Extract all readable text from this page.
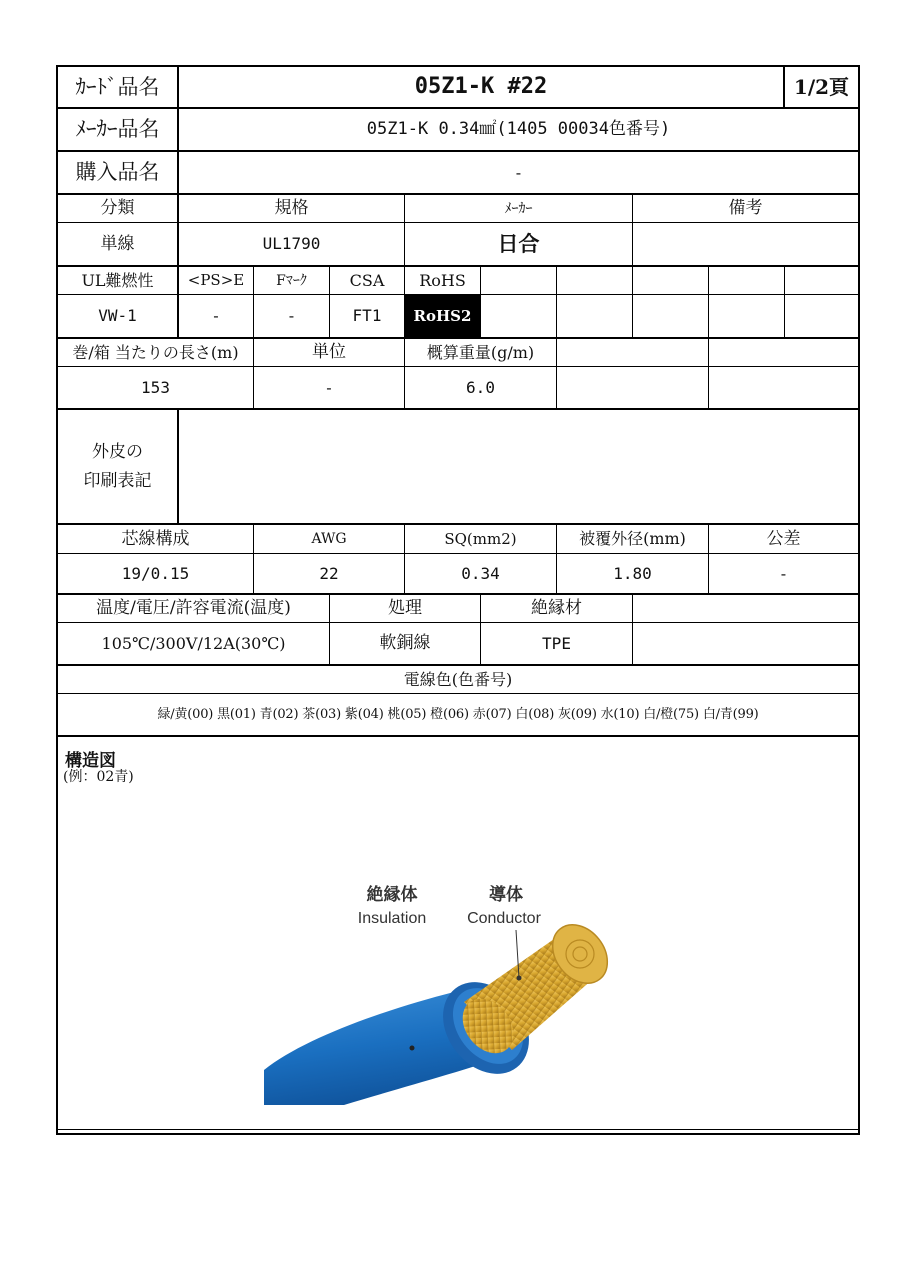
ｶｰﾄﾞ品名	05Z1-K #22	1/2頁
ﾒｰｶｰ品名	05Z1-K 0.34㎟(1405 00034色番号)
購入品名	-
分類	規格	ﾒｰｶｰ	備考
単線	UL1790	日合
UL難燃性	<PS>E	Fﾏｰｸ	CSA	RoHS
VW-1	-	-	FT1	RoHS2
巻/箱 当たりの長さ(m)	単位	概算重量(g/m)
153	-	6.0
外皮の
印刷表記
芯線構成	AWG	SQ(mm2)	被覆外径(mm)	公差
19/0.15	22	0.34	1.80	-
温度/電圧/許容電流(温度)	処理	絶縁材
105℃/300V/12A(30℃)	軟銅線	TPE
電線色(色番号)
緑/黄(00) 黒(01) 青(02) 茶(03) 紫(04) 桃(05) 橙(06) 赤(07) 白(08) 灰(09) 水(10) 白/橙(75) 白/青(99)
構造図
(例：02青)
絶縁体
Insulation
導体
Conductor
